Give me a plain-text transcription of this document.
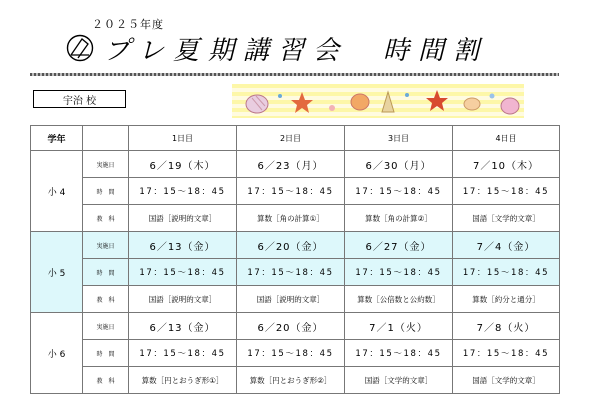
２０２５年度
プレ夏期講習会　時間割
宇治 校
学年		1日目	2日目	3日目	4日目
小 4	実施日	6／19（木）	6／23（月）	6／30（月）	7／10（木）
	時　間	17：15～18：45	17：15～18：45	17：15～18：45	17：15～18：45
	教　科	国語［説明的文章］	算数［角の計算①］	算数［角の計算②］	国語［文学的文章］
小 5	実施日	6／13（金）	6／20（金）	6／27（金）	7／4（金）
	時　間	17：15～18：45	17：15～18：45	17：15～18：45	17：15～18：45
	教　科	国語［説明的文章］	国語［説明的文章］	算数［公倍数と公約数］	算数［約分と通分］
小 6	実施日	6／13（金）	6／20（金）	7／1（火）	7／8（火）
	時　間	17：15～18：45	17：15～18：45	17：15～18：45	17：15～18：45
	教　科	算数［円とおうぎ形①］	算数［円とおうぎ形②］	国語［文学的文章］	国語［文学的文章］
